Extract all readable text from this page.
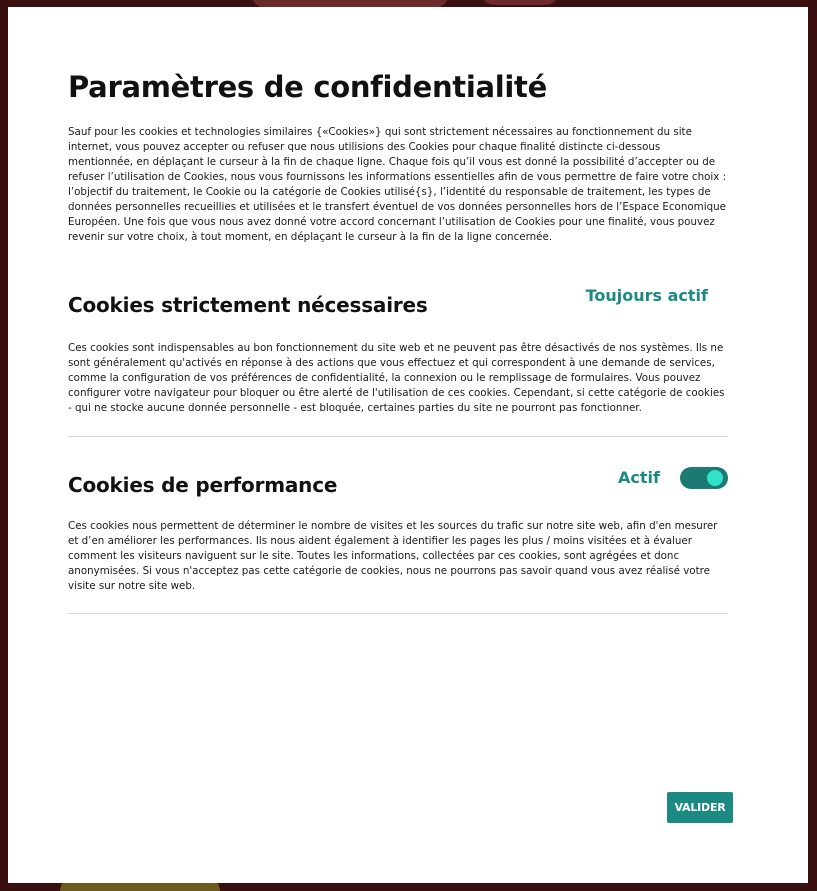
Paramètres de confidentialité

Sauf pour les cookies et technologies similaires {«Cookies»} qui sont strictement nécessaires au fonctionnement du site internet, vous pouvez accepter ou refuser que nous utilisions des Cookies pour chaque finalité distincte ci-dessous mentionnée, en déplaçant le curseur à la fin de chaque ligne. Chaque fois qu’il vous est donné la possibilité d’accepter ou de refuser l’utilisation de Cookies, nous vous fournissons les informations essentielles afin de vous permettre de faire votre choix : l’objectif du traitement, le Cookie ou la catégorie de Cookies utilisé{s}, l’identité du responsable de traitement, les types de données personnelles recueillies et utilisées et le transfert éventuel de vos données personnelles hors de l’Espace Economique Européen. Une fois que vous nous avez donné votre accord concernant l’utilisation de Cookies pour une finalité, vous pouvez revenir sur votre choix, à tout moment, en déplaçant le curseur à la fin de la ligne concernée.

Cookies strictement nécessaires	Toujours actif

Ces cookies sont indispensables au bon fonctionnement du site web et ne peuvent pas être désactivés de nos systèmes. Ils ne sont généralement qu'activés en réponse à des actions que vous effectuez et qui correspondent à une demande de services, comme la configuration de vos préférences de confidentialité, la connexion ou le remplissage de formulaires. Vous pouvez configurer votre navigateur pour bloquer ou être alerté de l'utilisation de ces cookies. Cependant, si cette catégorie de cookies - qui ne stocke aucune donnée personnelle - est bloquée, certaines parties du site ne pourront pas fonctionner.

Cookies de performance	Actif

Ces cookies nous permettent de déterminer le nombre de visites et les sources du trafic sur notre site web, afin d'en mesurer et d’en améliorer les performances. Ils nous aident également à identifier les pages les plus / moins visitées et à évaluer comment les visiteurs naviguent sur le site. Toutes les informations, collectées par ces cookies, sont agrégées et donc anonymisées. Si vous n'acceptez pas cette catégorie de cookies, nous ne pourrons pas savoir quand vous avez réalisé votre visite sur notre site web.

VALIDER
